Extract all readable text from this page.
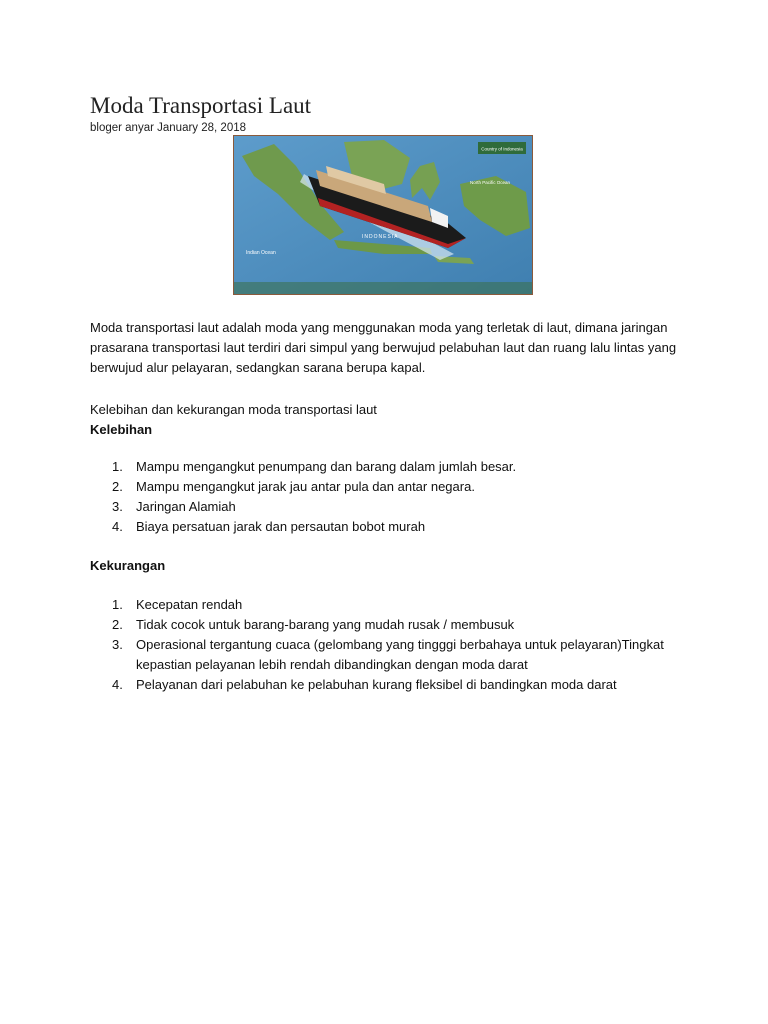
Moda Transportasi Laut
bloger anyar January 28, 2018
Country of Indonesia
Indian Ocean
North Pacific Ocean
INDONESIA

Moda transportasi laut adalah moda yang menggunakan moda yang terletak di laut, dimana jaringan prasarana transportasi laut terdiri dari simpul yang berwujud pelabuhan laut dan ruang lalu lintas yang berwujud alur pelayaran, sedangkan sarana berupa kapal.

Kelebihan dan kekurangan moda transportasi laut

Kelebihan

1. Mampu mengangkut penumpang dan barang dalam jumlah besar.
2. Mampu mengangkut jarak jau antar pula dan antar negara.
3. Jaringan Alamiah
4. Biaya persatuan jarak dan persautan bobot murah

Kekurangan

1. Kecepatan rendah
2. Tidak cocok untuk barang-barang yang mudah rusak / membusuk
3. Operasional tergantung cuaca (gelombang yang tingggi berbahaya untuk pelayaran)Tingkat kepastian pelayanan lebih rendah dibandingkan dengan moda darat
4. Pelayanan dari pelabuhan ke pelabuhan kurang fleksibel di bandingkan moda darat
